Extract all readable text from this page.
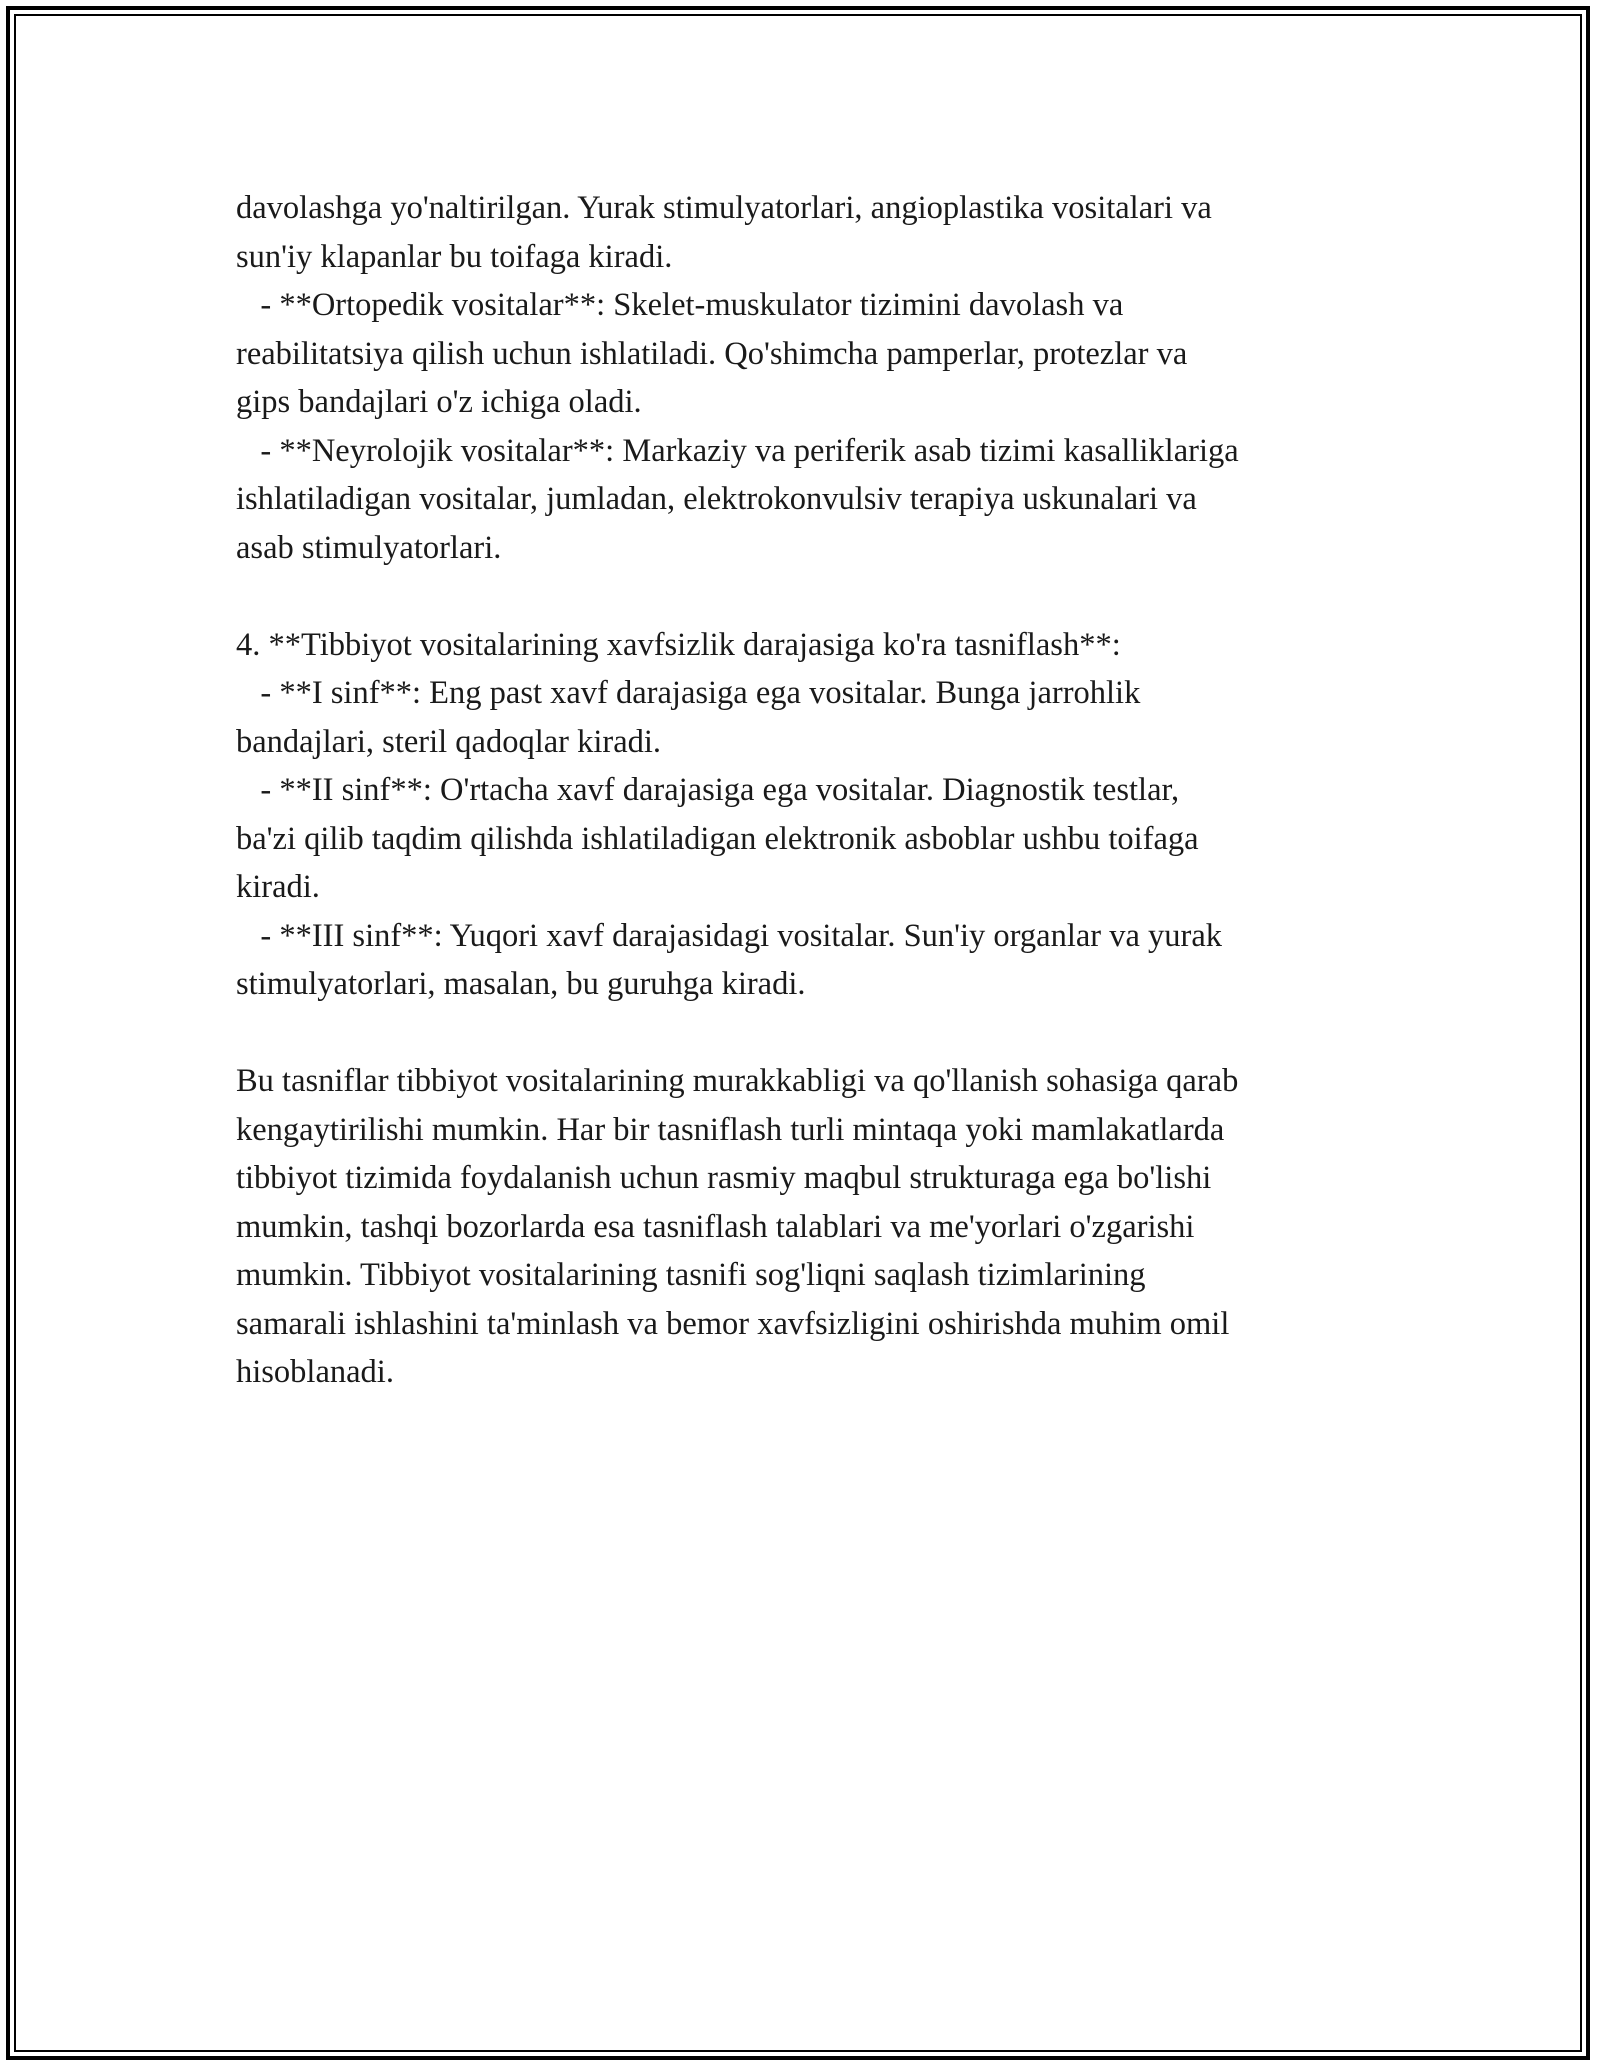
davolashga yo'naltirilgan. Yurak stimulyatorlari, angioplastika vositalari va
sun'iy klapanlar bu toifaga kiradi.
- **Ortopedik vositalar**: Skelet-muskulator tizimini davolash va
reabilitatsiya qilish uchun ishlatiladi. Qo'shimcha pamperlar, protezlar va
gips bandajlari o'z ichiga oladi.
- **Neyrolojik vositalar**: Markaziy va periferik asab tizimi kasalliklariga
ishlatiladigan vositalar, jumladan, elektrokonvulsiv terapiya uskunalari va
asab stimulyatorlari.

4. **Tibbiyot vositalarining xavfsizlik darajasiga ko'ra tasniflash**:
- **I sinf**: Eng past xavf darajasiga ega vositalar. Bunga jarrohlik
bandajlari, steril qadoqlar kiradi.
- **II sinf**: O'rtacha xavf darajasiga ega vositalar. Diagnostik testlar,
ba'zi qilib taqdim qilishda ishlatiladigan elektronik asboblar ushbu toifaga
kiradi.
- **III sinf**: Yuqori xavf darajasidagi vositalar. Sun'iy organlar va yurak
stimulyatorlari, masalan, bu guruhga kiradi.

Bu tasniflar tibbiyot vositalarining murakkabligi va qo'llanish sohasiga qarab
kengaytirilishi mumkin. Har bir tasniflash turli mintaqa yoki mamlakatlarda
tibbiyot tizimida foydalanish uchun rasmiy maqbul strukturaga ega bo'lishi
mumkin, tashqi bozorlarda esa tasniflash talablari va me'yorlari o'zgarishi
mumkin. Tibbiyot vositalarining tasnifi sog'liqni saqlash tizimlarining
samarali ishlashini ta'minlash va bemor xavfsizligini oshirishda muhim omil
hisoblanadi.
